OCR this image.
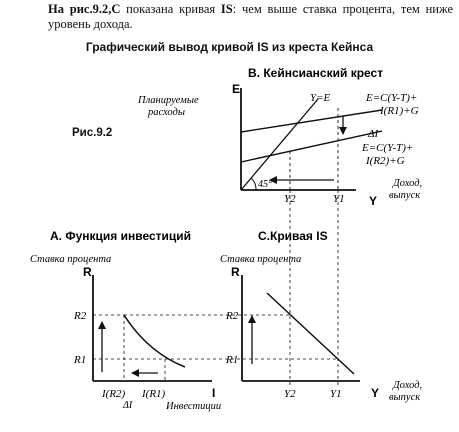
На рис.9.2,С показана кривая IS: чем выше ставка процента, тем ниже уровень дохода.
Графический вывод кривой IS из креста Кейнса
Рис.9.2
В. Кейнсианский крест
E
Планируемые
расходы
Y=E	E=C(Y-T)+
I(R1)+G
ΔI
E=C(Y-T)+
I(R2)+G
45°
Y2	Y1 Y
Доход,
выпуск
А. Функция инвестиций
Ставка процента
R
R2
R1
I(R2) I(R1)
ΔI
I
Инвестиции
С.Кривая IS
Ставка процента
R
R2
R1
Y2	Y1 Y
Доход,
выпуск
